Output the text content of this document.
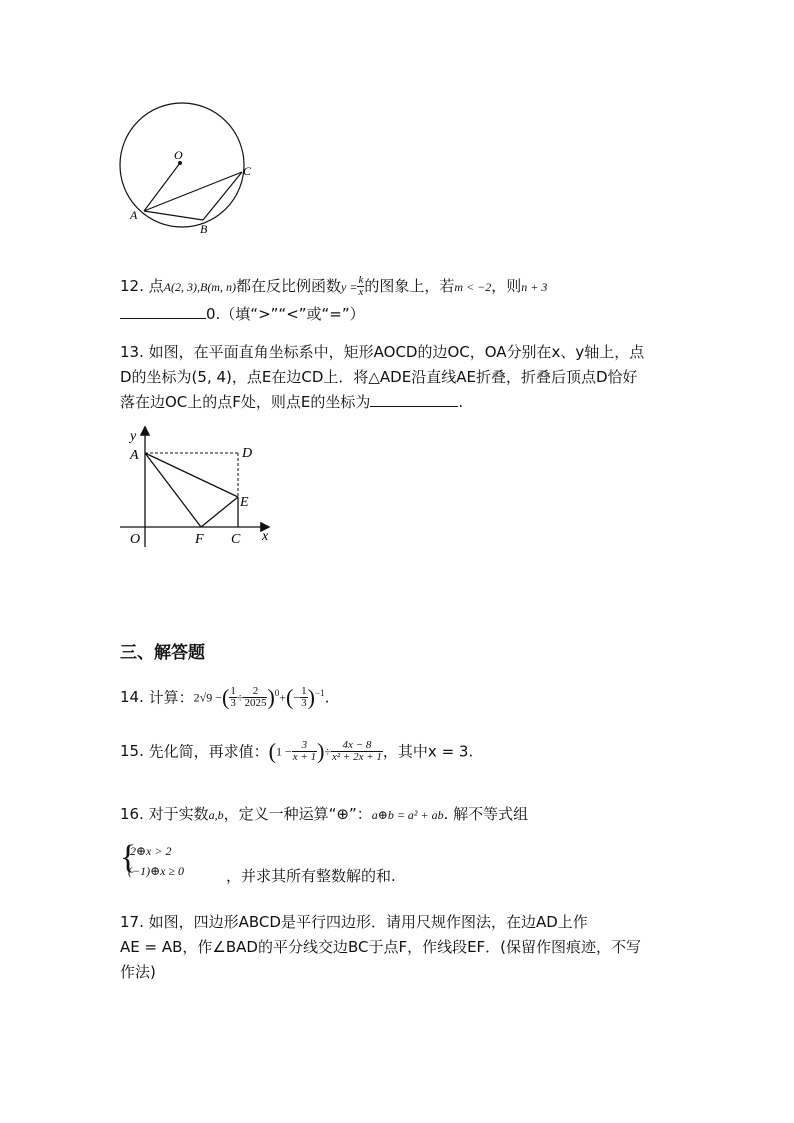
O
A
B
C
12. 点A(2, 3),B(m, n)都在反比例函数$y = \frac{k}{x}$ 的图象上，若m < −2，则n + 3
0.（填“>”“<”或“=”）
13. 如图，在平面直角坐标系中，矩形AOCD的边OC，OA分别在x、y轴上，点
D的坐标为(5, 4)，点E在边CD上．将△ADE沿直线AE折叠，折叠后顶点D恰好
落在边OC上的点F处，则点E的坐标为	.
y
A	D
E
O	F C x
三、解答题
14. 计算：2√9 −( $\frac{1}{3} \div \frac{2}{2025} )^0+(- \frac{1}{3} )^{-1}$.
15. 先化简，再求值：($1 - \frac{3}{x + 1}$ )÷ $\frac{4x - 8}{\text{x² + 2x + 1}}$ ，其中x = 3.
16. 对于实数a,b，定义一种运算“⊕”：a⊕b = a² + ab. 解不等式组
{
2⊕x > 2
(−1)⊕x ≥ 0	，并求其所有整数解的和.
17. 如图，四边形ABCD是平行四边形．请用尺规作图法，在边AD上作
AE = AB，作∠BAD的平分线交边BC于点F，作线段EF．(保留作图痕迹，不写
作法)
